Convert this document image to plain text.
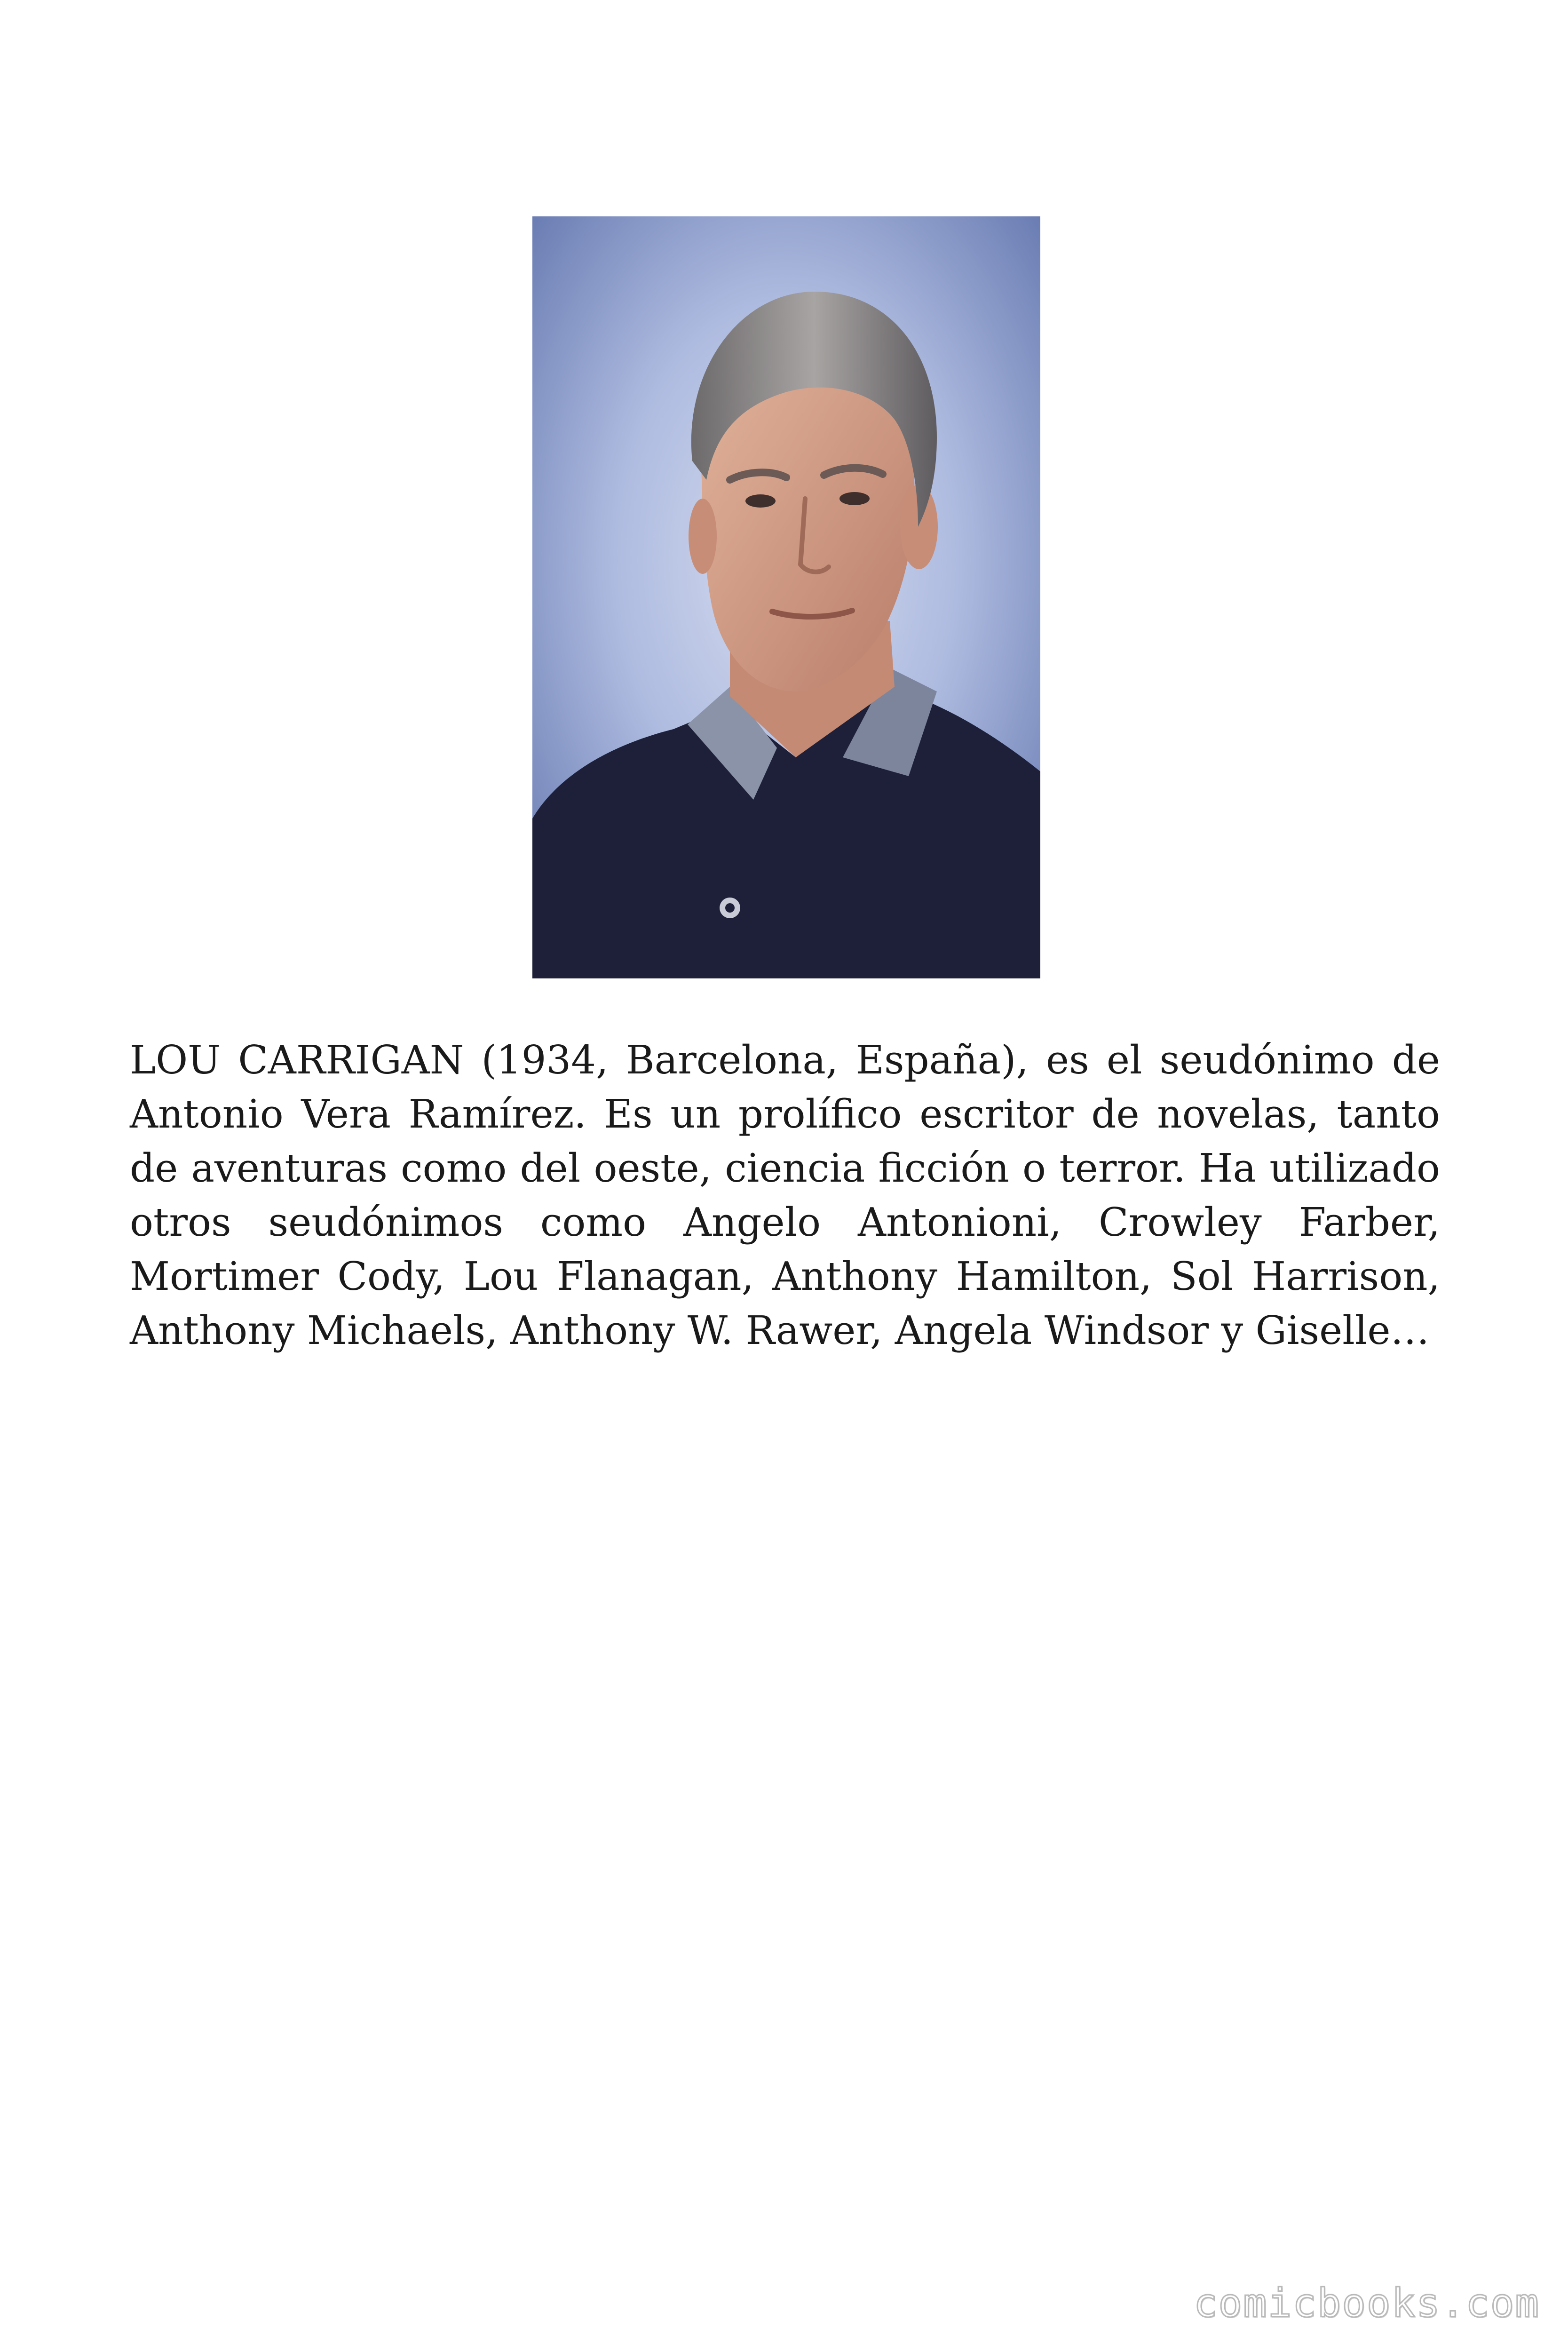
LOU CARRIGAN (1934, Barcelona, España), es el seudónimo de Antonio Vera Ramírez. Es un prolífico escritor de novelas, tanto de aventuras como del oeste, ciencia ficción o terror. Ha utilizado otros seudónimos como Angelo Antonioni, Crowley Farber, Mortimer Cody, Lou Flanagan, Anthony Hamilton, Sol Harrison, Anthony Michaels, Anthony W. Rawer, Angela Windsor y Giselle…

comicbooks.com
